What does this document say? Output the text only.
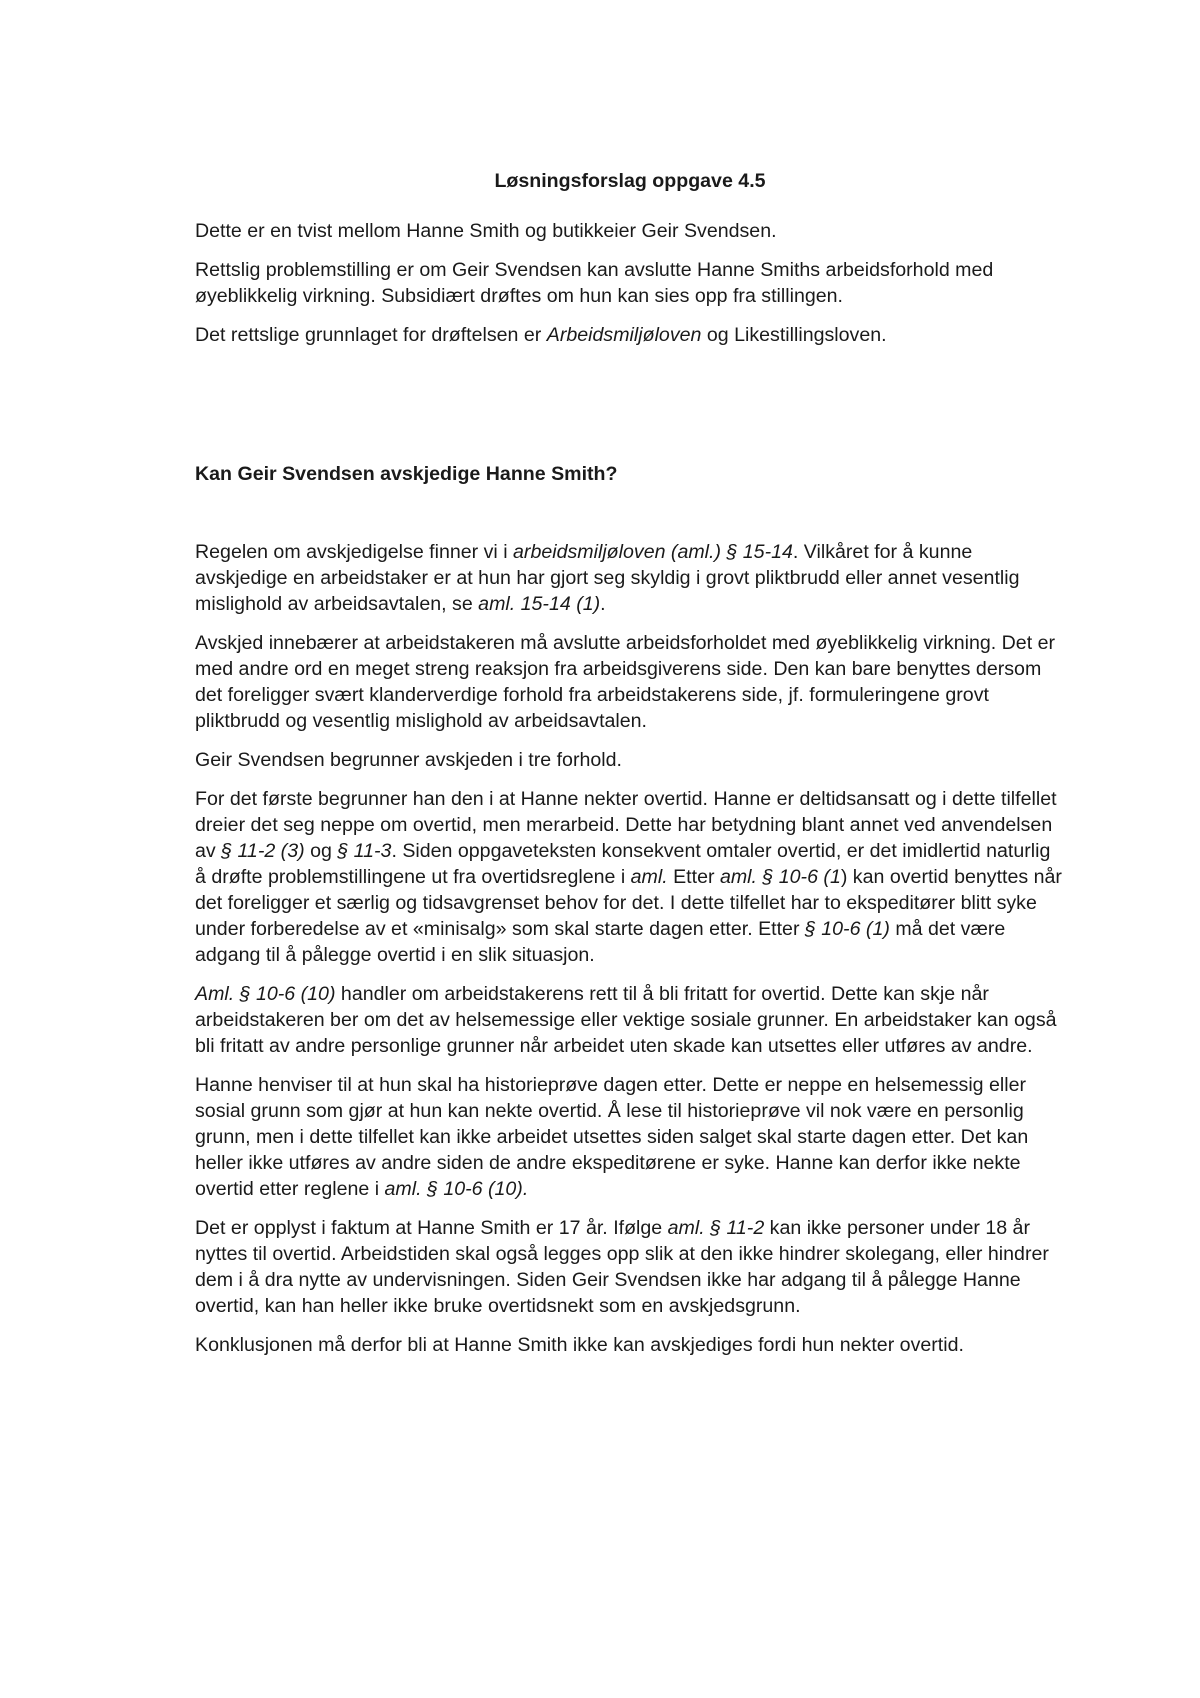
Løsningsforslag oppgave 4.5

Dette er en tvist mellom Hanne Smith og butikkeier Geir Svendsen.

Rettslig problemstilling er om Geir Svendsen kan avslutte Hanne Smiths arbeidsforhold med øyeblikkelig virkning. Subsidiært drøftes om hun kan sies opp fra stillingen.

Det rettslige grunnlaget for drøftelsen er Arbeidsmiljøloven og Likestillingsloven.

Kan Geir Svendsen avskjedige Hanne Smith?

Regelen om avskjedigelse finner vi i arbeidsmiljøloven (aml.) § 15-14. Vilkåret for å kunne avskjedige en arbeidstaker er at hun har gjort seg skyldig i grovt pliktbrudd eller annet vesentlig mislighold av arbeidsavtalen, se aml. 15-14 (1).

Avskjed innebærer at arbeidstakeren må avslutte arbeidsforholdet med øyeblikkelig virkning. Det er med andre ord en meget streng reaksjon fra arbeidsgiverens side. Den kan bare benyttes dersom det foreligger svært klanderverdige forhold fra arbeidstakerens side, jf. formuleringene grovt pliktbrudd og vesentlig mislighold av arbeidsavtalen.

Geir Svendsen begrunner avskjeden i tre forhold.

For det første begrunner han den i at Hanne nekter overtid. Hanne er deltidsansatt og i dette tilfellet dreier det seg neppe om overtid, men merarbeid. Dette har betydning blant annet ved anvendelsen av § 11-2 (3) og § 11-3. Siden oppgaveteksten konsekvent omtaler overtid, er det imidlertid naturlig å drøfte problemstillingene ut fra overtidsreglene i aml. Etter aml. § 10-6 (1) kan overtid benyttes når det foreligger et særlig og tidsavgrenset behov for det. I dette tilfellet har to ekspeditører blitt syke under forberedelse av et «minisalg» som skal starte dagen etter. Etter § 10-6 (1) må det være adgang til å pålegge overtid i en slik situasjon.

Aml. § 10-6 (10) handler om arbeidstakerens rett til å bli fritatt for overtid. Dette kan skje når arbeidstakeren ber om det av helsemessige eller vektige sosiale grunner. En arbeidstaker kan også bli fritatt av andre personlige grunner når arbeidet uten skade kan utsettes eller utføres av andre.

Hanne henviser til at hun skal ha historieprøve dagen etter. Dette er neppe en helsemessig eller sosial grunn som gjør at hun kan nekte overtid. Å lese til historieprøve vil nok være en personlig grunn, men i dette tilfellet kan ikke arbeidet utsettes siden salget skal starte dagen etter. Det kan heller ikke utføres av andre siden de andre ekspeditørene er syke. Hanne kan derfor ikke nekte overtid etter reglene i aml. § 10-6 (10).

Det er opplyst i faktum at Hanne Smith er 17 år. Ifølge aml. § 11-2 kan ikke personer under 18 år nyttes til overtid. Arbeidstiden skal også legges opp slik at den ikke hindrer skolegang, eller hindrer dem i å dra nytte av undervisningen. Siden Geir Svendsen ikke har adgang til å pålegge Hanne overtid, kan han heller ikke bruke overtidsnekt som en avskjedsgrunn.

Konklusjonen må derfor bli at Hanne Smith ikke kan avskjediges fordi hun nekter overtid.
